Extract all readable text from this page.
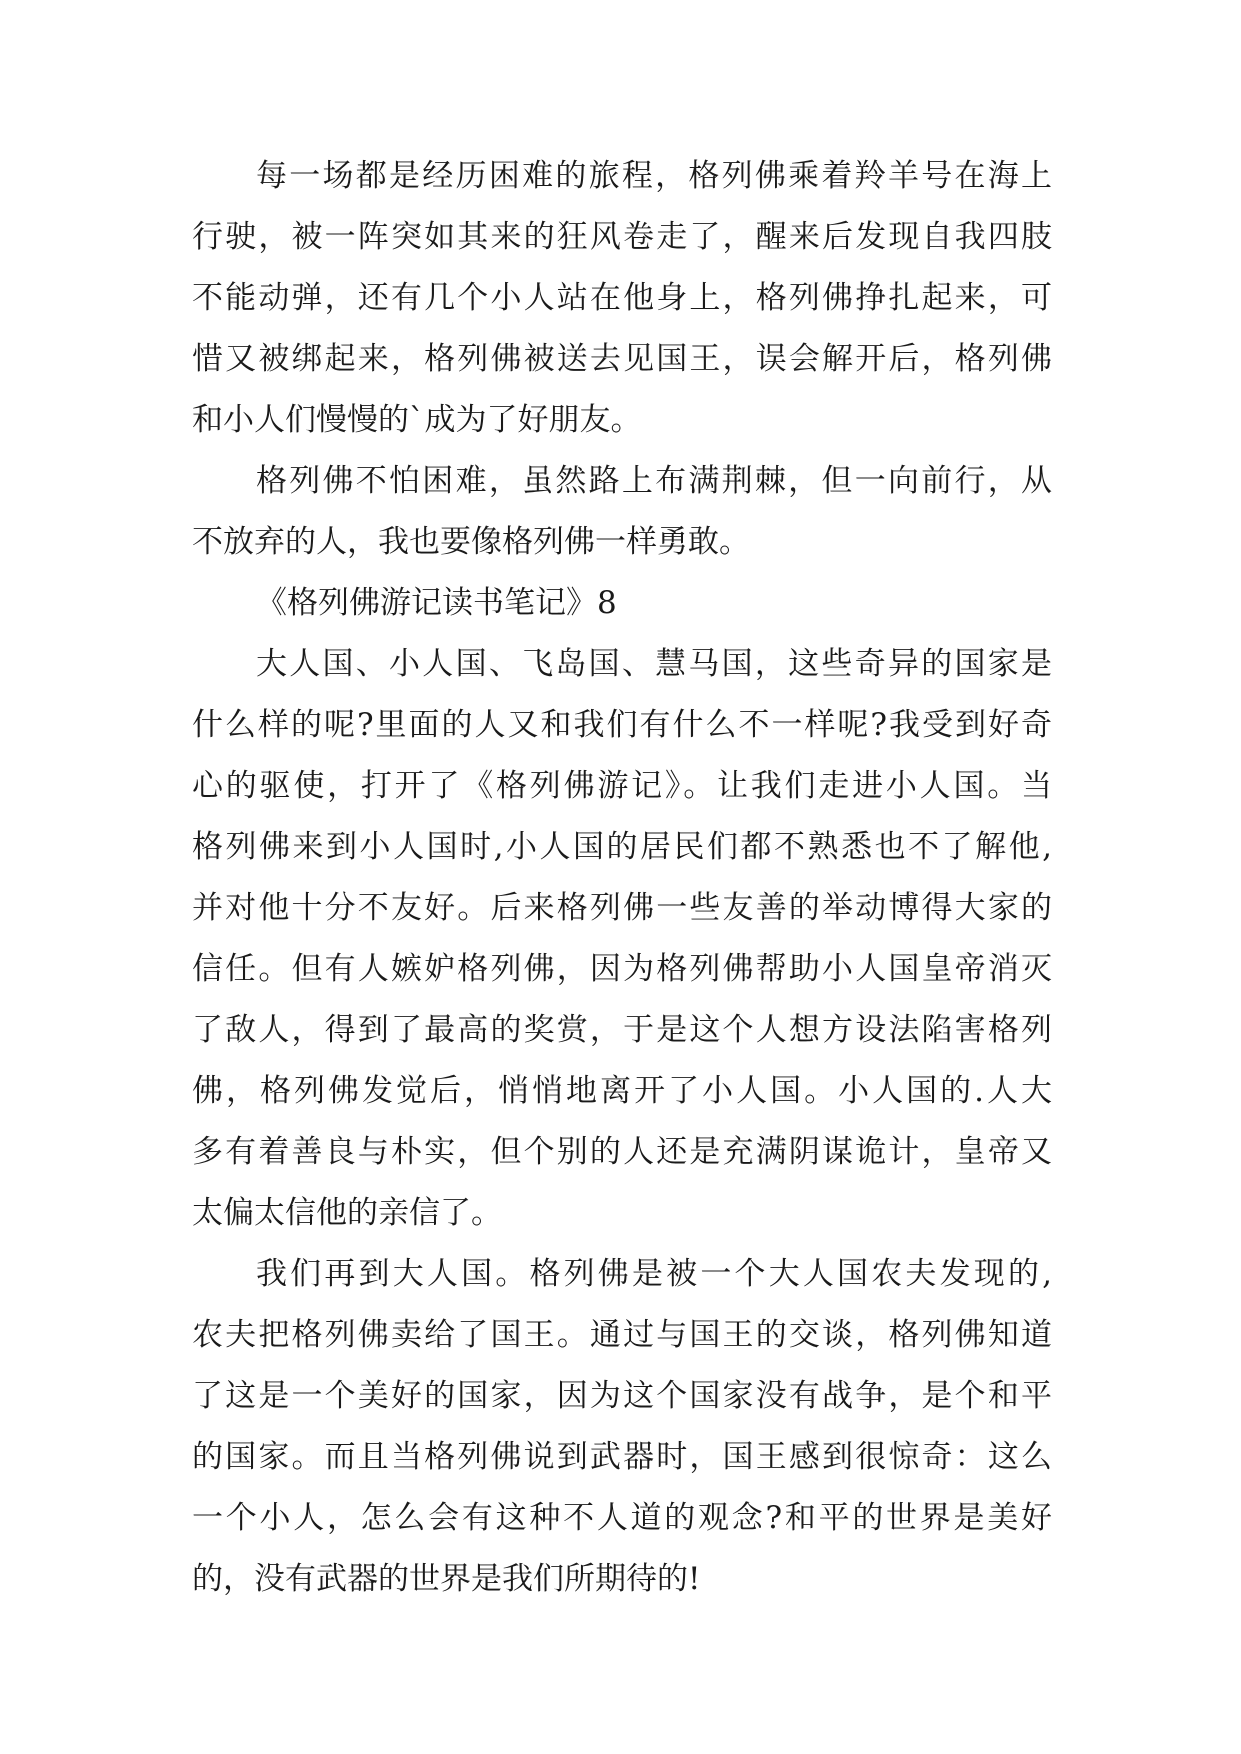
每一场都是经历困难的旅程，格列佛乘着羚羊号在海上
行驶，被一阵突如其来的狂风卷走了，醒来后发现自我四肢
不能动弹，还有几个小人站在他身上，格列佛挣扎起来，可
惜又被绑起来，格列佛被送去见国王，误会解开后，格列佛
和小人们慢慢的`成为了好朋友。
格列佛不怕困难，虽然路上布满荆棘，但一向前行，从
不放弃的人，我也要像格列佛一样勇敢。
《格列佛游记读书笔记》8
大人国、小人国、飞岛国、慧马国，这些奇异的国家是
什么样的呢?里面的人又和我们有什么不一样呢?我受到好奇
心的驱使，打开了《格列佛游记》。让我们走进小人国。当
格列佛来到小人国时,小人国的居民们都不熟悉也不了解他,
并对他十分不友好。后来格列佛一些友善的举动博得大家的
信任。但有人嫉妒格列佛，因为格列佛帮助小人国皇帝消灭
了敌人，得到了最高的奖赏，于是这个人想方设法陷害格列
佛，格列佛发觉后，悄悄地离开了小人国。小人国的.人大
多有着善良与朴实，但个别的人还是充满阴谋诡计，皇帝又
太偏太信他的亲信了。
我们再到大人国。格列佛是被一个大人国农夫发现的,
农夫把格列佛卖给了国王。通过与国王的交谈，格列佛知道
了这是一个美好的国家，因为这个国家没有战争，是个和平
的国家。而且当格列佛说到武器时，国王感到很惊奇：这么
一个小人，怎么会有这种不人道的观念?和平的世界是美好
的，没有武器的世界是我们所期待的!
